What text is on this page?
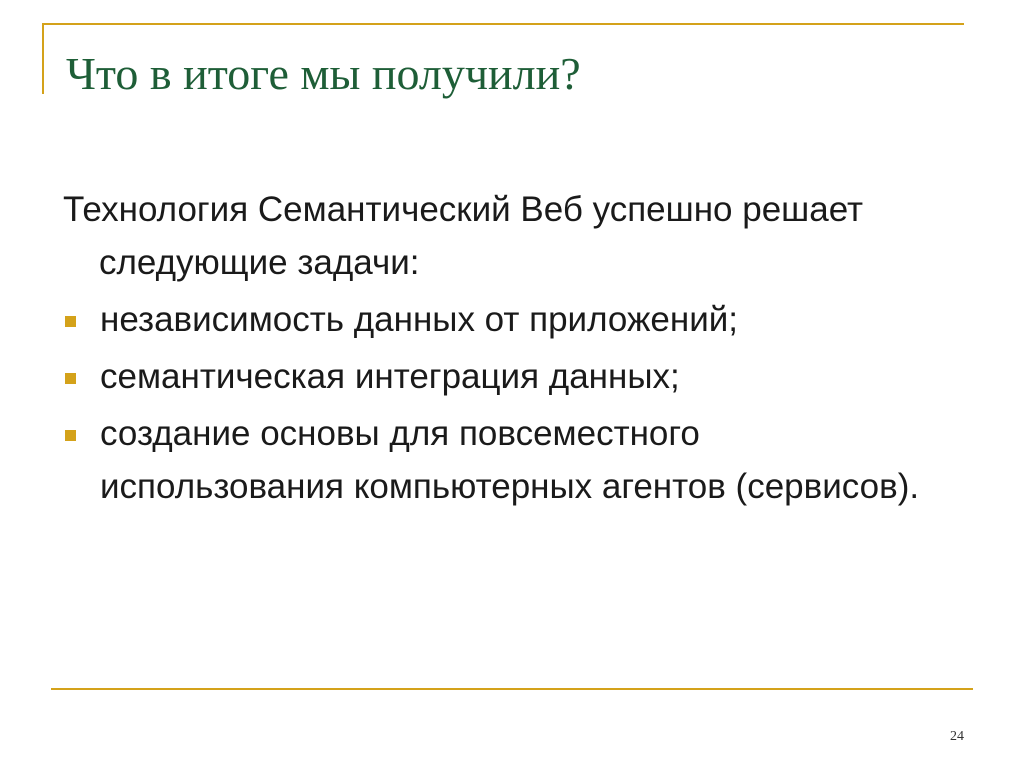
Что в итоге мы получили?

Технология Семантический Веб успешно решает следующие задачи:

независимость данных от приложений;
семантическая интеграция данных;
создание основы для повсеместного использования компьютерных агентов (сервисов).
24
